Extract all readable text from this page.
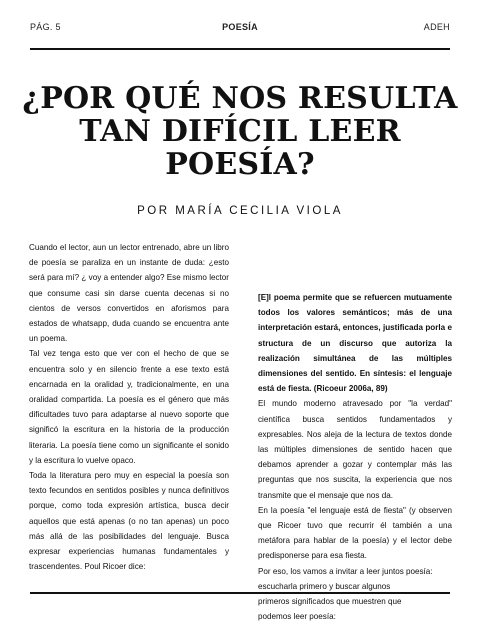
PÁG. 5	POESÍA	ADEH
¿POR QUÉ NOS RESULTA
TAN DIFÍCIL LEER
POESÍA?
POR MARÍA CECILIA VIOLA

Cuando el lector, aun un lector entrenado, abre un libro de poesía se paraliza en un instante de duda: ¿esto será para mí? ¿ voy a entender algo? Ese mismo lector que consume casi sin darse cuenta decenas si no cientos de versos convertidos en aforismos para estados de whatsapp, duda cuando se encuentra ante un poema.

Tal vez tenga esto que ver con el hecho de que se encuentra solo y en silencio frente a ese texto está encarnada en la oralidad y, tradicionalmente, en una oralidad compartida. La poesía es el género que más dificultades tuvo para adaptarse al nuevo soporte que significó la escritura en la historia de la producción literaria. La poesía tiene como un significante el sonido y la escritura lo vuelve opaco.

Toda la literatura pero muy en especial la poesía son texto fecundos en sentidos posibles y nunca definitivos porque, como toda expresión artística, busca decir aquellos que está apenas (o no tan apenas) un poco más allá de las posibilidades del lenguaje. Busca expresar experiencias humanas fundamentales y trascendentes. Poul Ricoer dice:

[E]l poema permite que se refuercen mutuamente todos los valores semánticos; más de una interpretación estará, entonces, justificada porla e structura de un discurso que autoriza la realización simultánea de las múltiples dimensiones del sentido. En síntesis: el lenguaje está de fiesta. (Ricoeur 2006a, 89)

El mundo moderno atravesado por "la verdad" científica busca sentidos fundamentados y expresables. Nos aleja de la lectura de textos donde las múltiples dimensiones de sentido hacen que debamos aprender a gozar y contemplar más las preguntas que nos suscita, la experiencia que nos transmite que el mensaje que nos da.

En la poesía "el lenguaje está de fiesta" (y observen que Ricoer tuvo que recurrir él también a una metáfora para hablar de la poesía) y el lector debe predisponerse para esa fiesta.

Por eso, los vamos a invitar a leer juntos poesía:

escucharla primero y buscar algunos

primeros significados que muestren que

podemos leer poesía:
